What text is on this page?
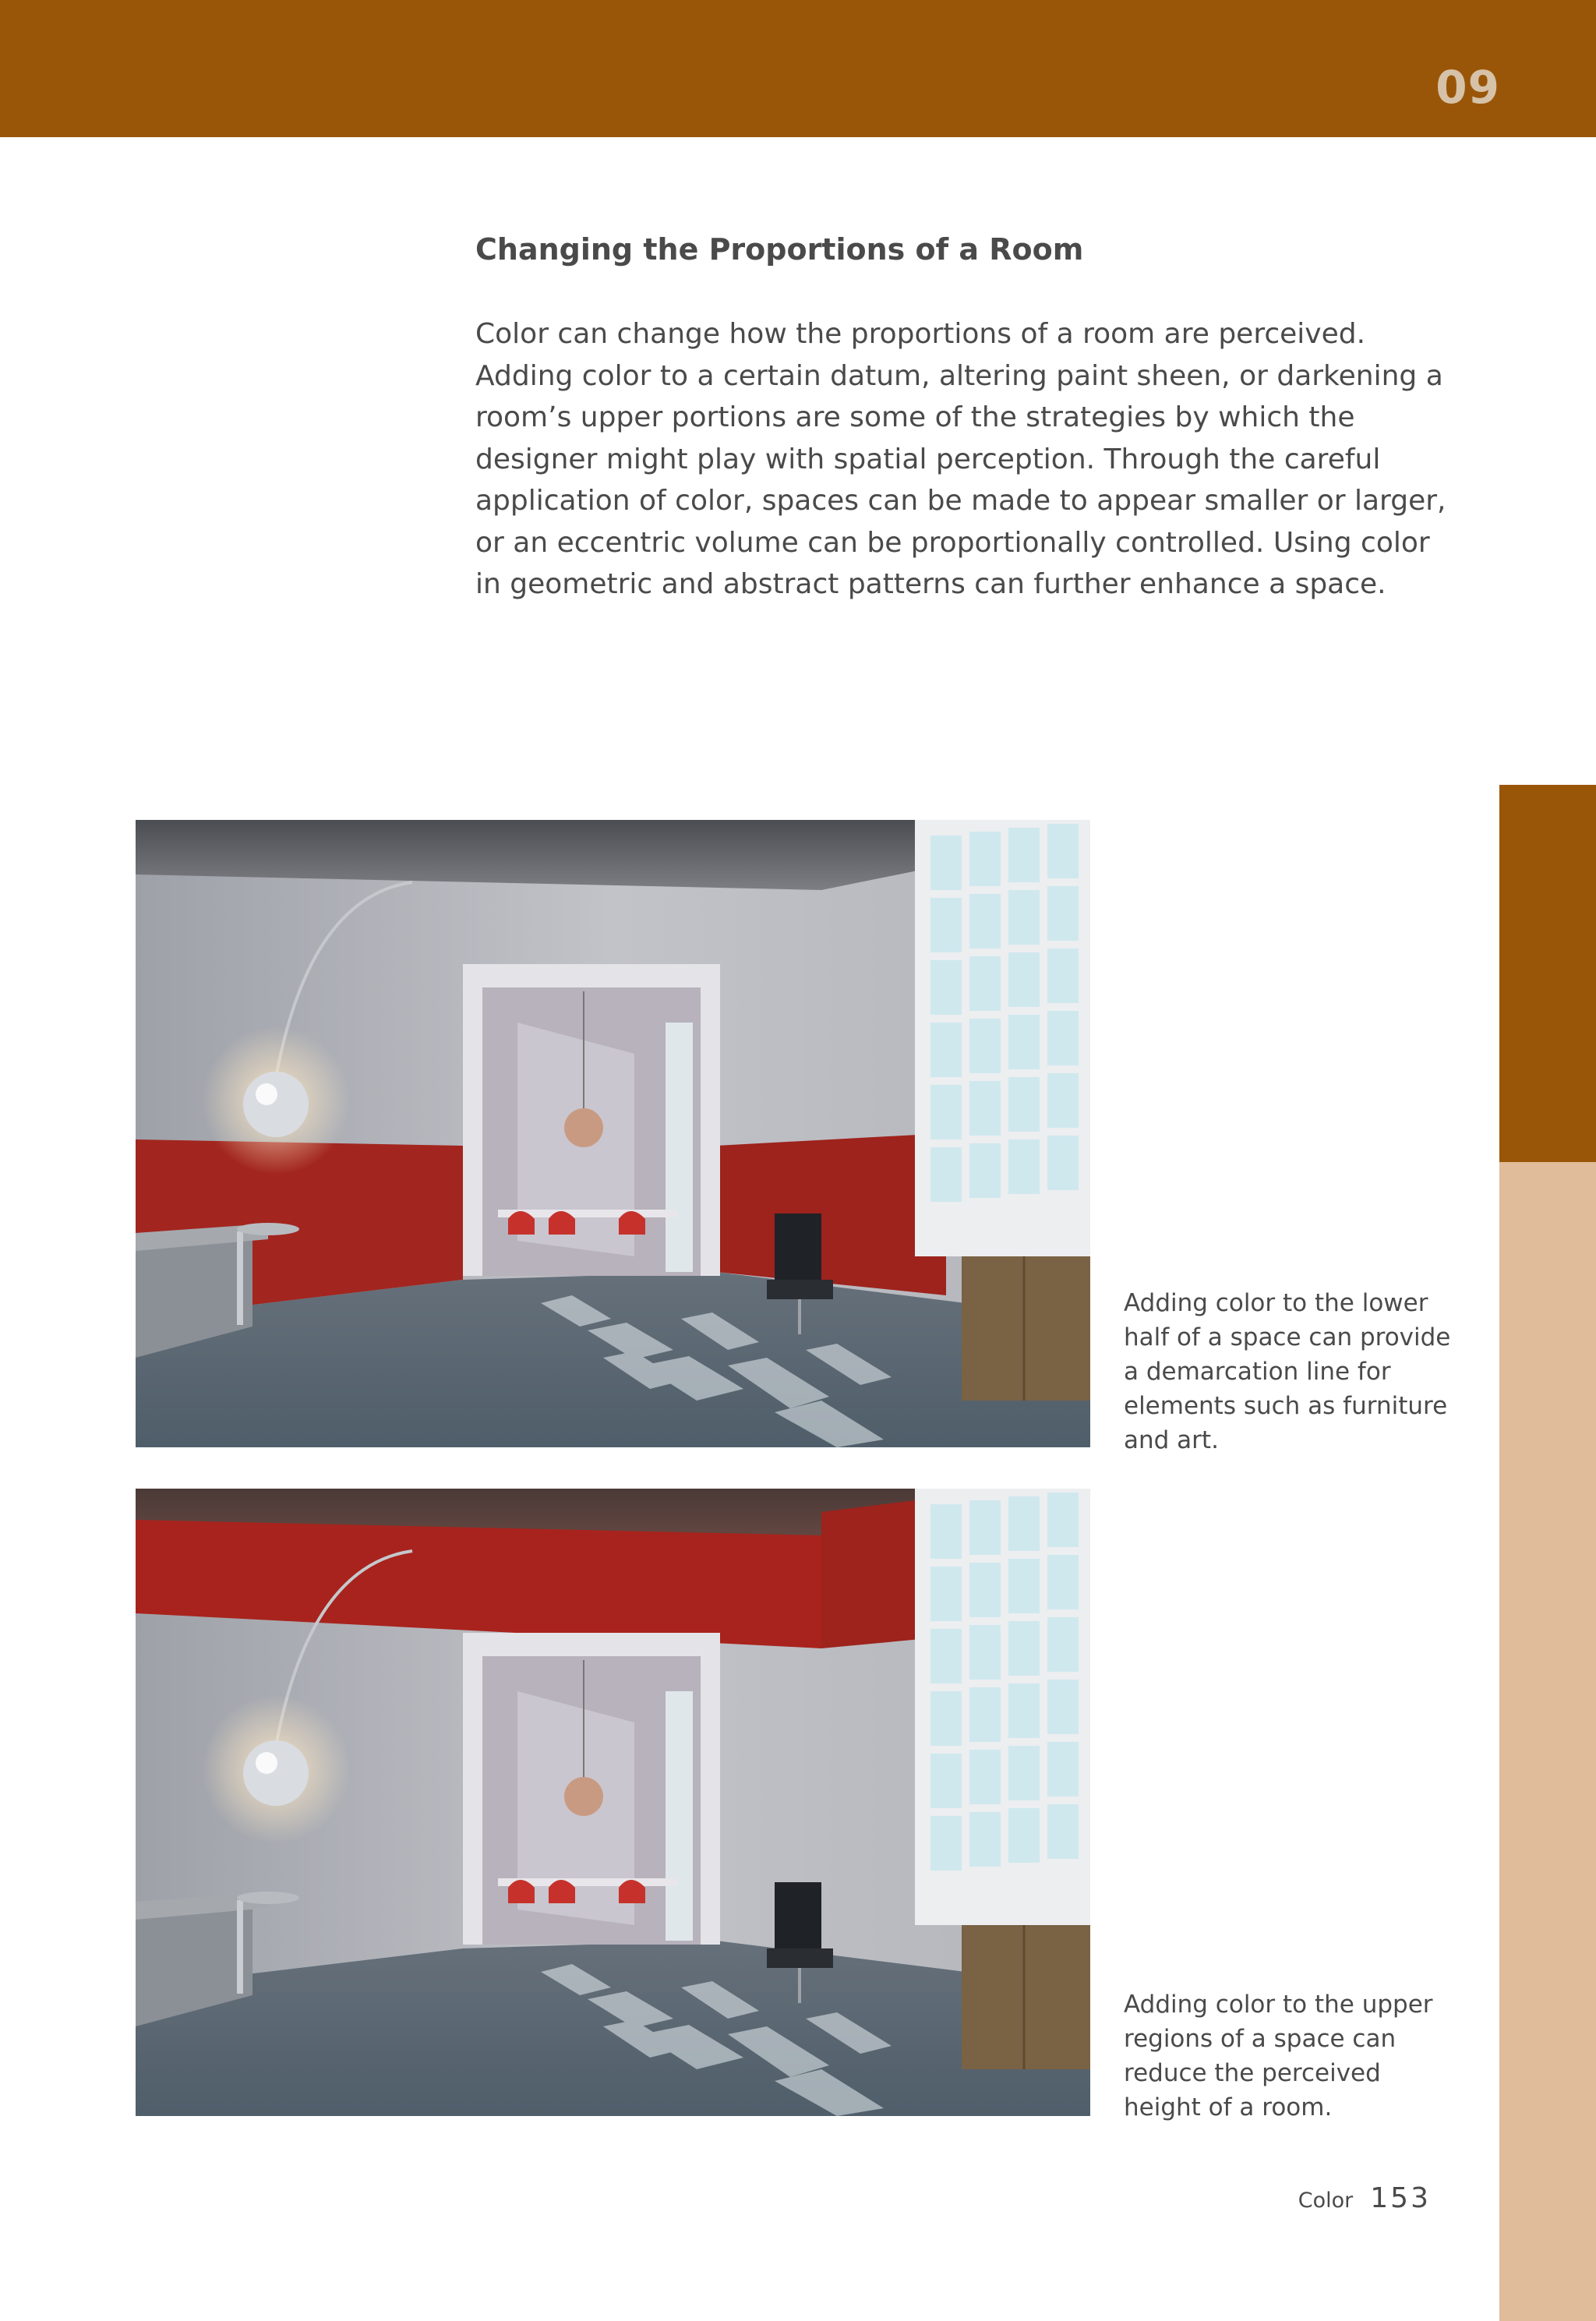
09
Changing the Proportions of a Room

Color can change how the proportions of a room are perceived. Adding color to a certain datum, altering paint sheen, or darkening a room’s upper portions are some of the strategies by which the designer might play with spatial perception. Through the careful application of color, spaces can be made to appear smaller or larger, or an eccentric volume can be proportionally controlled. Using color in geometric and abstract patterns can further enhance a space.

Adding color to the lower half of a space can provide a demarcation line for elements such as furniture and art.

Adding color to the upper regions of a space can reduce the perceived height of a room.

Color 153
